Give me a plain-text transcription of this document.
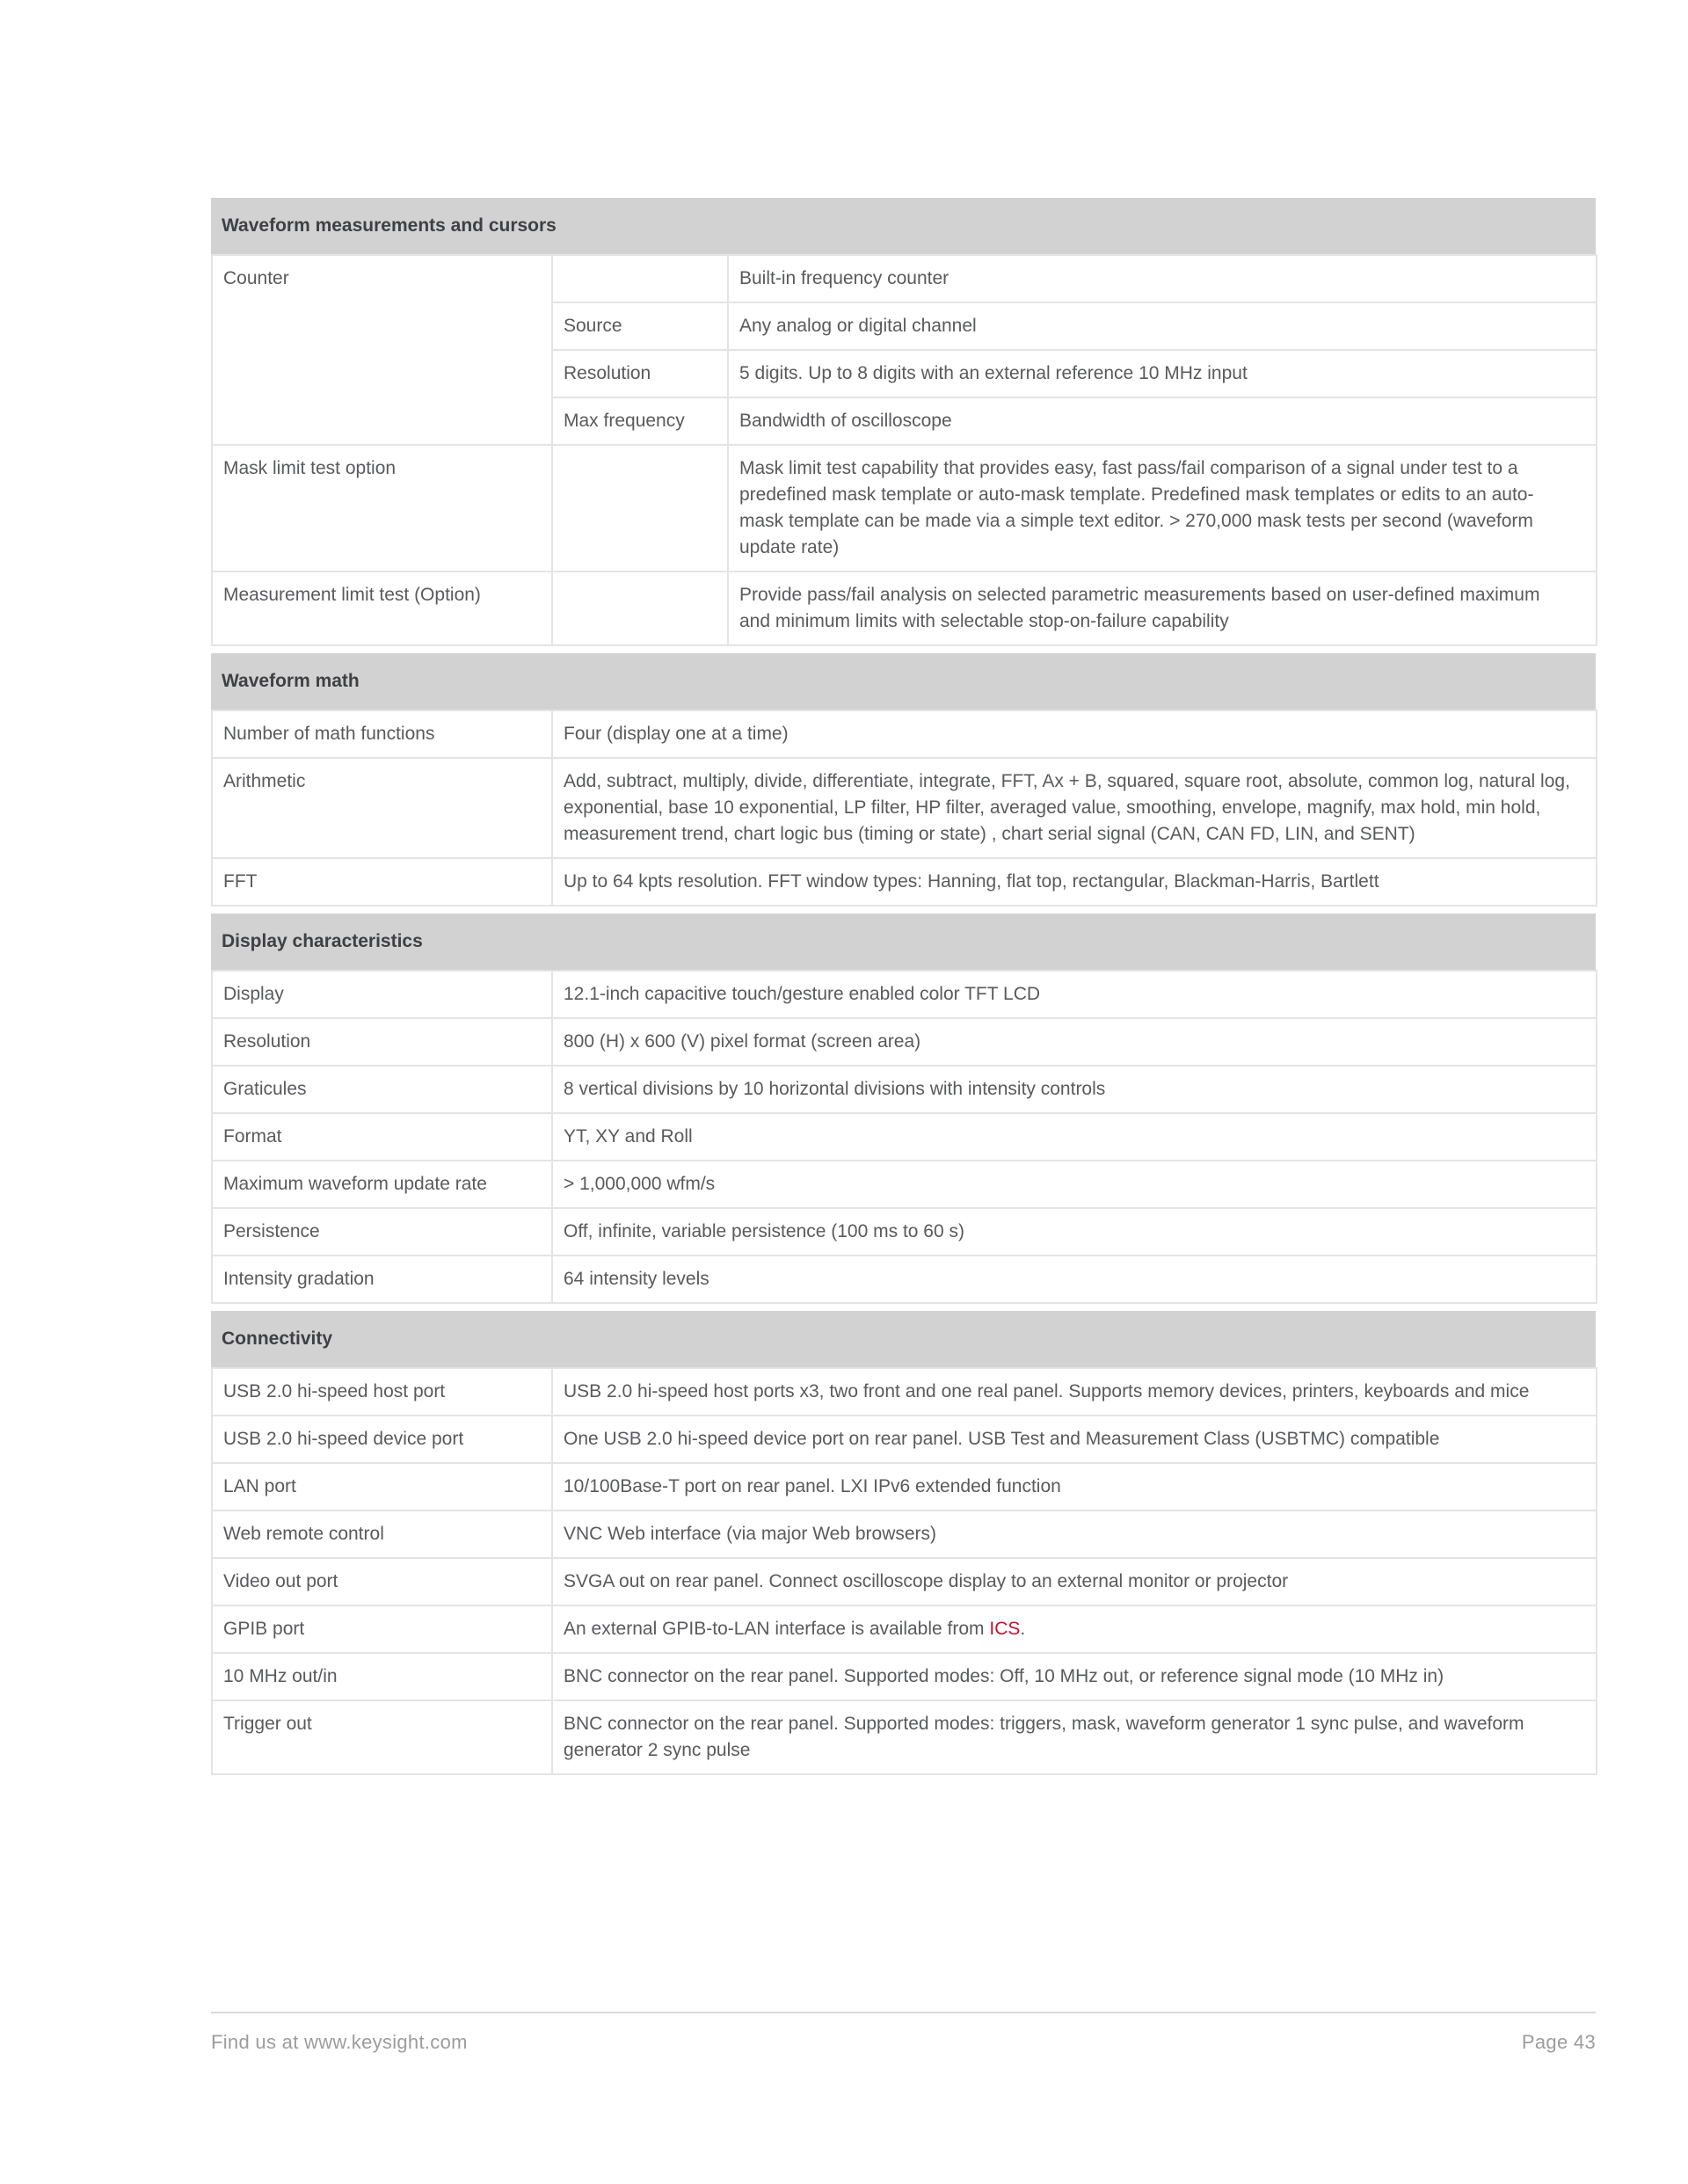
Waveform measurements and cursors
Counter		Built-in frequency counter
	Source	Any analog or digital channel
	Resolution	5 digits. Up to 8 digits with an external reference 10 MHz input
	Max frequency	Bandwidth of oscilloscope
Mask limit test option		Mask limit test capability that provides easy, fast pass/fail comparison of a signal under test to a predefined mask template or auto-mask template. Predefined mask templates or edits to an auto-mask template can be made via a simple text editor. > 270,000 mask tests per second (waveform update rate)
Measurement limit test (Option)		Provide pass/fail analysis on selected parametric measurements based on user-defined maximum and minimum limits with selectable stop-on-failure capability
Waveform math
Number of math functions	Four (display one at a time)
Arithmetic	Add, subtract, multiply, divide, differentiate, integrate, FFT, Ax + B, squared, square root, absolute, common log, natural log, exponential, base 10 exponential, LP filter, HP filter, averaged value, smoothing, envelope, magnify, max hold, min hold, measurement trend, chart logic bus (timing or state) , chart serial signal (CAN, CAN FD, LIN, and SENT)
FFT	Up to 64 kpts resolution. FFT window types: Hanning, flat top, rectangular, Blackman-Harris, Bartlett
Display characteristics
Display	12.1-inch capacitive touch/gesture enabled color TFT LCD
Resolution	800 (H) x 600 (V) pixel format (screen area)
Graticules	8 vertical divisions by 10 horizontal divisions with intensity controls
Format	YT, XY and Roll
Maximum waveform update rate	> 1,000,000 wfm/s
Persistence	Off, infinite, variable persistence (100 ms to 60 s)
Intensity gradation	64 intensity levels
Connectivity
USB 2.0 hi-speed host port	USB 2.0 hi-speed host ports x3, two front and one real panel. Supports memory devices, printers, keyboards and mice
USB 2.0 hi-speed device port	One USB 2.0 hi-speed device port on rear panel. USB Test and Measurement Class (USBTMC) compatible
LAN port	10/100Base-T port on rear panel. LXI IPv6 extended function
Web remote control	VNC Web interface (via major Web browsers)
Video out port	SVGA out on rear panel. Connect oscilloscope display to an external monitor or projector
GPIB port	An external GPIB-to-LAN interface is available from ICS.
10 MHz out/in	BNC connector on the rear panel. Supported modes: Off, 10 MHz out, or reference signal mode (10 MHz in)
Trigger out	BNC connector on the rear panel. Supported modes: triggers, mask, waveform generator 1 sync pulse, and waveform generator 2 sync pulse
Find us at www.keysight.com	Page 43
